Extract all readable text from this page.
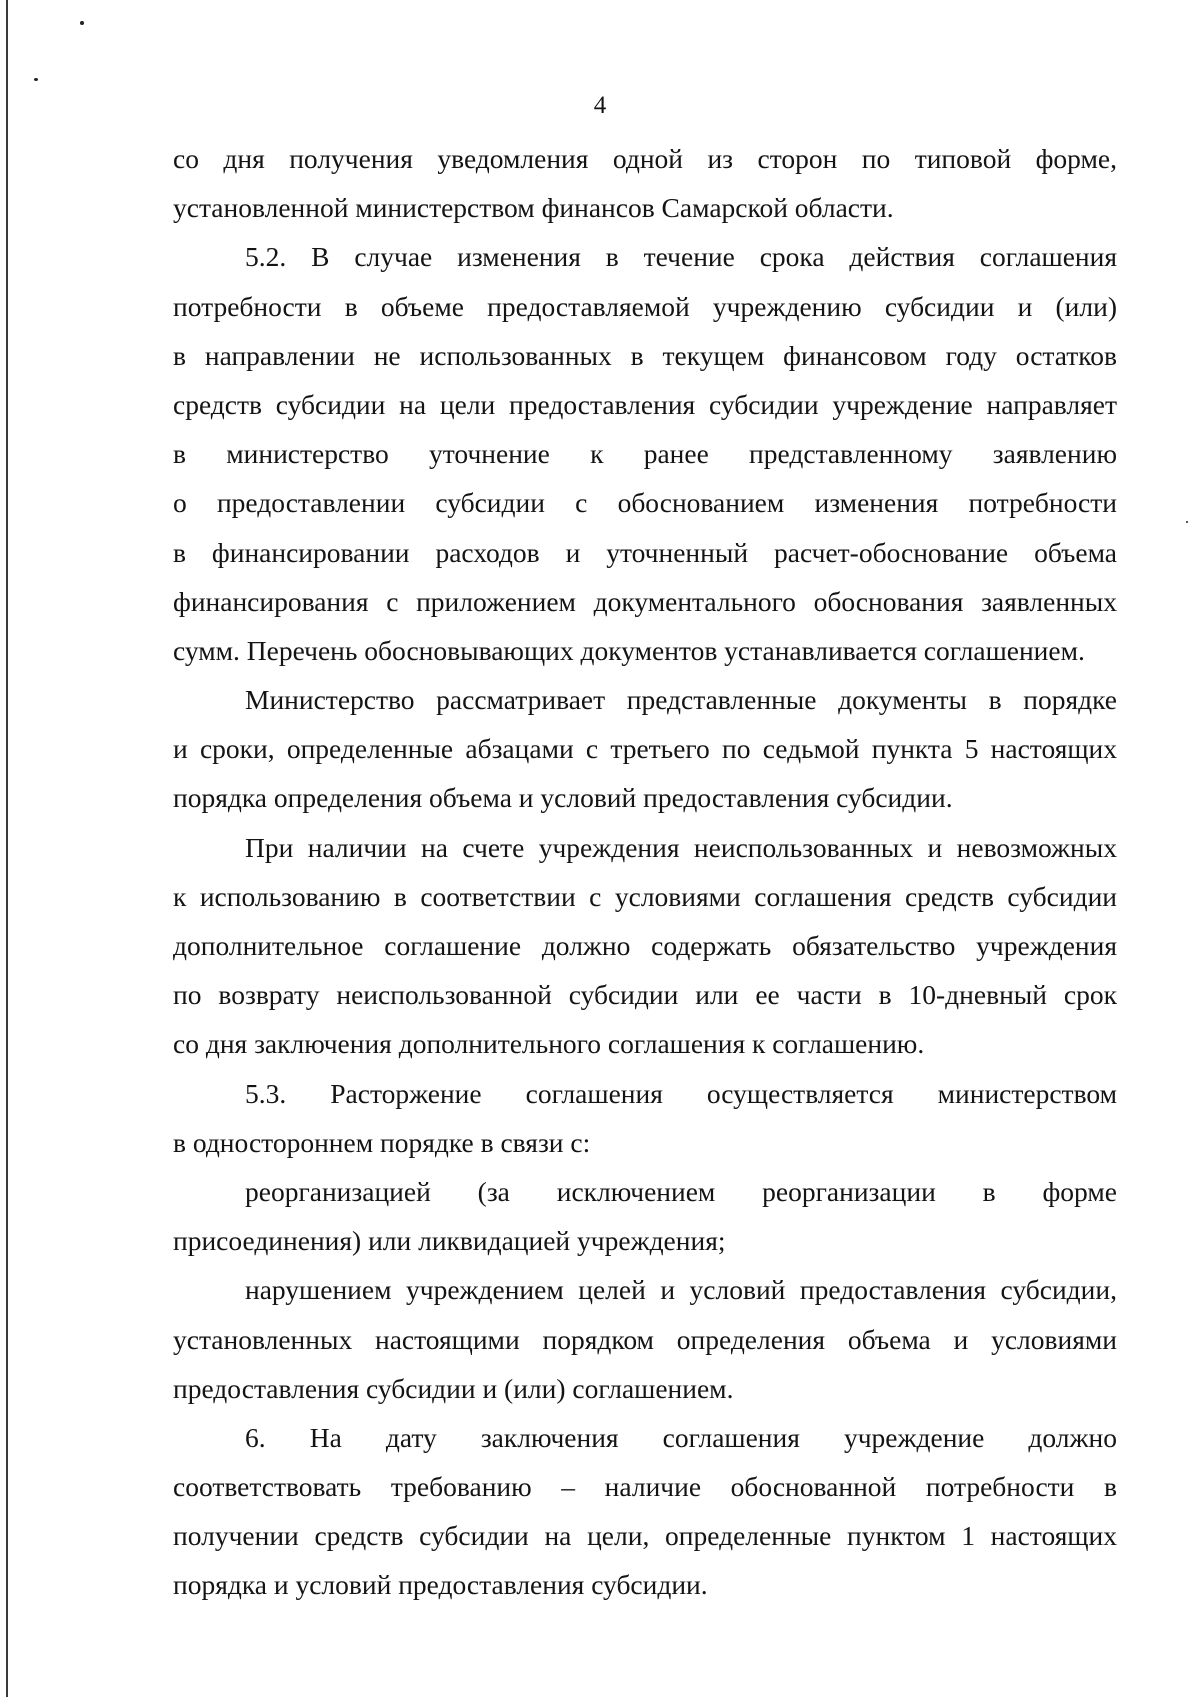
4
со дня получения уведомления одной из сторон по типовой форме,
установленной министерством финансов Самарской области.
5.2. В случае изменения в течение срока действия соглашения
потребности в объеме предоставляемой учреждению субсидии и (или)
в направлении не использованных в текущем финансовом году остатков
средств субсидии на цели предоставления субсидии учреждение направляет
в министерство уточнение к ранее представленному заявлению
о предоставлении субсидии с обоснованием изменения потребности
в финансировании расходов и уточненный расчет-обоснование объема
финансирования с приложением документального обоснования заявленных
сумм. Перечень обосновывающих документов устанавливается соглашением.
Министерство рассматривает представленные документы в порядке
и сроки, определенные абзацами с третьего по седьмой пункта 5 настоящих
порядка определения объема и условий предоставления субсидии.
При наличии на счете учреждения неиспользованных и невозможных
к использованию в соответствии с условиями соглашения средств субсидии
дополнительное соглашение должно содержать обязательство учреждения
по возврату неиспользованной субсидии или ее части в 10-дневный срок
со дня заключения дополнительного соглашения к соглашению.
5.3. Расторжение соглашения осуществляется министерством
в одностороннем порядке в связи с:
реорганизацией (за исключением реорганизации в форме
присоединения) или ликвидацией учреждения;
нарушением учреждением целей и условий предоставления субсидии,
установленных настоящими порядком определения объема и условиями
предоставления субсидии и (или) соглашением.
6. На дату заключения соглашения учреждение должно
соответствовать требованию – наличие обоснованной потребности в
получении средств субсидии на цели, определенные пунктом 1 настоящих
порядка и условий предоставления субсидии.
